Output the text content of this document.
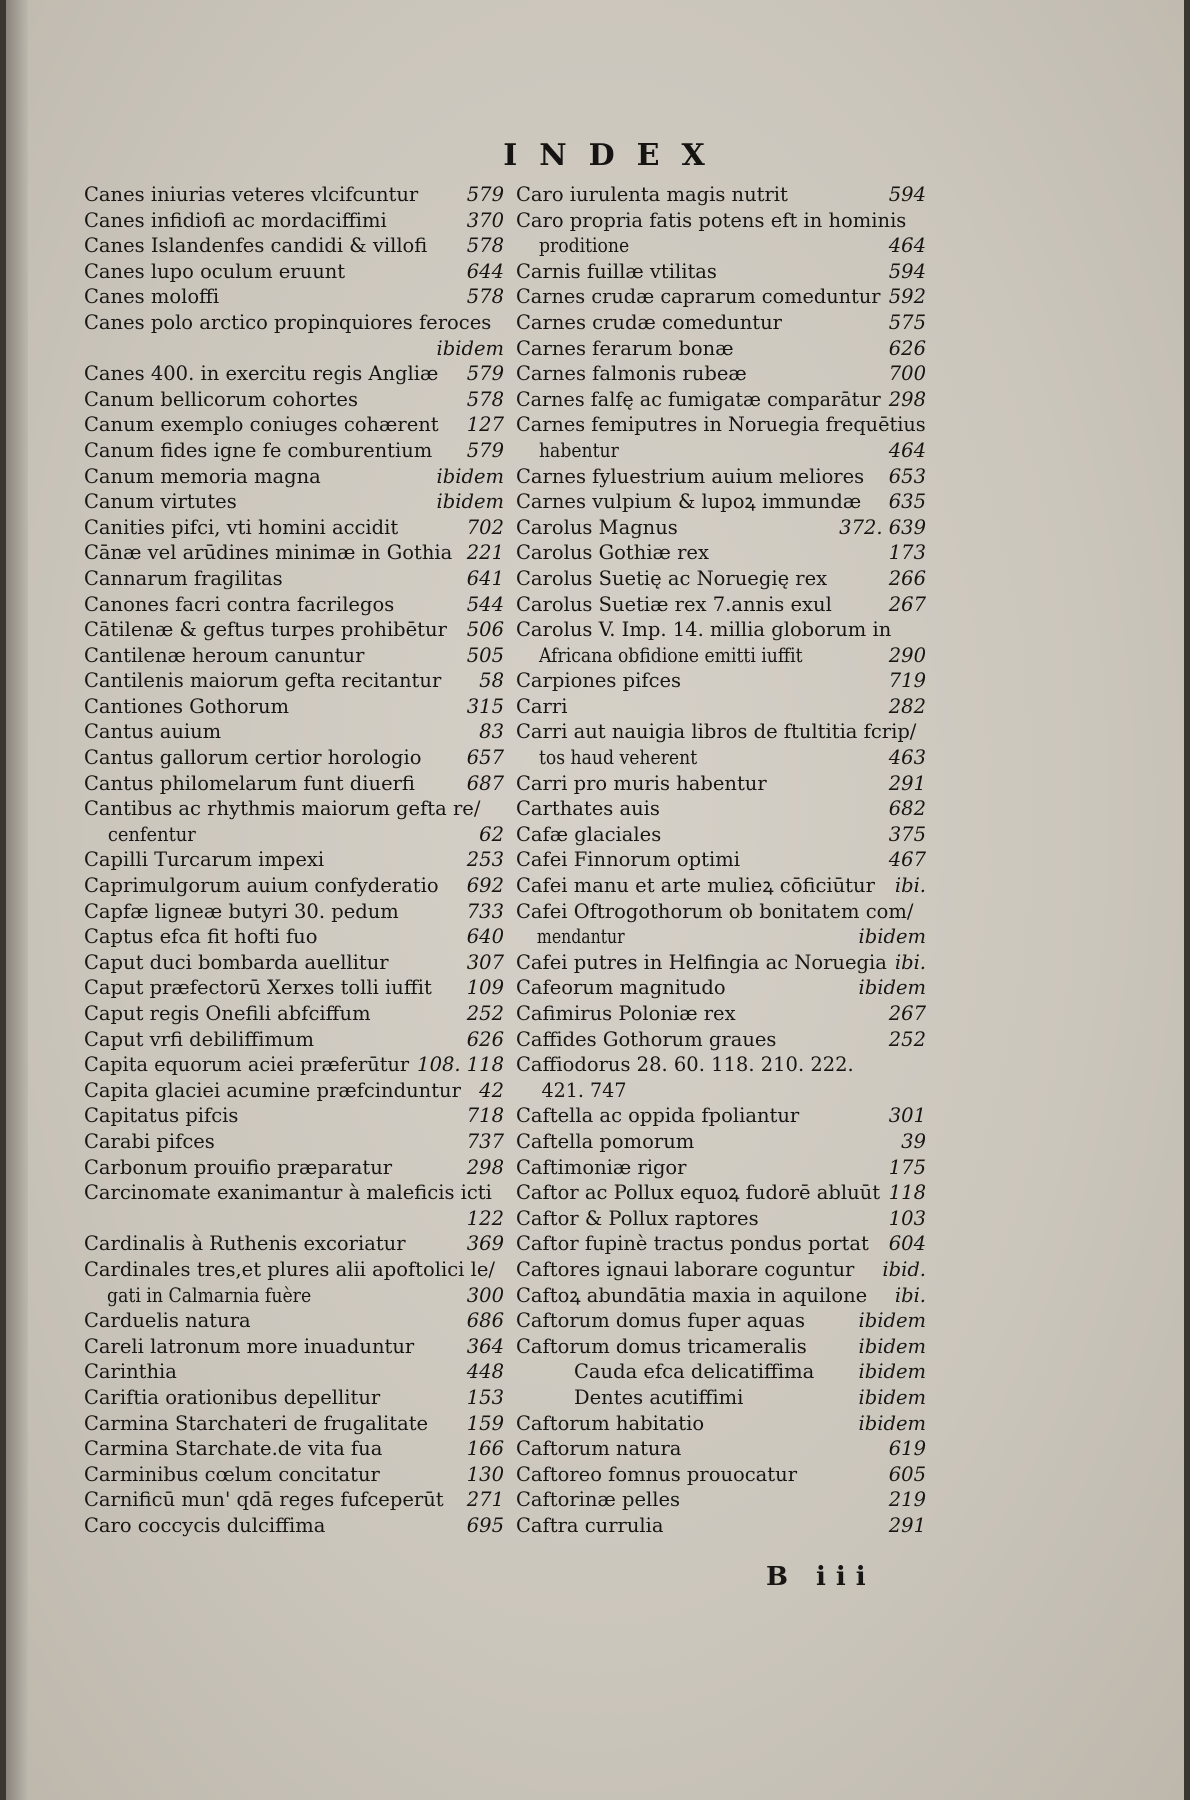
INDEX
Canes iniurias veteres vlcifcuntur 579
Canes infidiofi ac mordaciffimi	370
Canes Islandenfes candidi & villofi 578
Canes lupo oculum eruunt	644
Canes moloffi	578
Canes polo arctico propinquiores feroces

ibidem
Canes 400. in exercitu regis Angliæ 579
Canum bellicorum cohortes	578
Canum exemplo coniuges cohærent 127
Canum fides igne fe comburentium 579
Canum memoria magna	ibidem
Canum virtutes	ibidem
Canities pifci, vti homini accidit	702
Cānæ vel arūdines minimæ in Gothia 221
Cannarum fragilitas	641
Canones facri contra facrilegos	544
Cātilenæ & geftus turpes prohibētur 506
Cantilenæ heroum canuntur	505
Cantilenis maiorum gefta recitantur 58
Cantiones Gothorum	315
Cantus auium	83
Cantus gallorum certior horologio 657
Cantus philomelarum funt diuerfi	687
Cantibus ac rhythmis maiorum gefta re/
cenfentur	62
Capilli Turcarum impexi	253
Caprimulgorum auium confyderatio 692
Capfæ ligneæ butyri 30. pedum	733
Captus efca fit hofti fuo	640
Caput duci bombarda auellitur	307
Caput præfectorū Xerxes tolli iuffit 109
Caput regis Onefili abfciffum	252
Caput vrfi debiliffimum	626
Capita equorum aciei præferūtur 108. 118
Capita glaciei acumine præfcinduntur 42
Capitatus pifcis	718
Carabi pifces	737
Carbonum prouifio præparatur	298
Carcinomate exanimantur à maleficis icti

122
Cardinalis à Ruthenis excoriatur	369
Cardinales tres,et plures alii apoftolici le/
gati in Calmarnia fuère	300
Carduelis natura	686
Careli latronum more inuaduntur	364
Carinthia	448
Cariftia orationibus depellitur	153
Carmina Starchateri de frugalitate 159
Carmina Starchate.de vita fua	166
Carminibus cœlum concitatur	130
Carnificū mun' qdā reges fufceperūt 271
Caro coccycis dulciffima	695
Caro iurulenta magis nutrit	594
Caro propria fatis potens eft in hominis
proditione	464
Carnis fuillæ vtilitas	594
Carnes crudæ caprarum comeduntur 592
Carnes crudæ comeduntur	575
Carnes ferarum bonæ	626
Carnes falmonis rubeæ	700
Carnes falfę ac fumigatæ comparātur 298
Carnes femiputres in Noruegia frequētius
habentur	464
Carnes fyluestrium auium meliores 653
Carnes vulpium & lupoꝝ immundæ 635
Carolus Magnus	372. 639
Carolus Gothiæ rex	173
Carolus Suetię ac Noruegię rex	266
Carolus Suetiæ rex 7.annis exul	267
Carolus V. Imp. 14. millia globorum in
Africana obfidione emitti iuffit	290
Carpiones pifces	719
Carri	282
Carri aut nauigia libros de ftultitia fcrip/
tos haud veherent	463
Carri pro muris habentur	291
Carthates auis	682
Cafæ glaciales	375
Cafei Finnorum optimi	467
Cafei manu et arte mulieꝝ cōficiūtur ibi.
Cafei Oftrogothorum ob bonitatem com/
mendantur	ibidem
Cafei putres in Helfingia ac Noruegia ibi.
Cafeorum magnitudo	ibidem
Cafimirus Poloniæ rex	267
Caffides Gothorum graues	252
Caffiodorus 28. 60. 118. 210. 222.
421. 747
Caftella ac oppida fpoliantur	301
Caftella pomorum	39
Caftimoniæ rigor	175
Caftor ac Pollux equoꝝ fudorē abluūt 118
Caftor & Pollux raptores	103
Caftor fupinè tractus pondus portat 604
Caftores ignaui laborare coguntur ibid.
Caftoꝝ abundātia maxia in aquilone ibi.
Caftorum domus fuper aquas	ibidem
Caftorum domus tricameralis	ibidem
Cauda efca delicatiffima ibidem
Dentes acutiffimi	ibidem
Caftorum habitatio	ibidem
Caftorum natura	619
Caftoreo fomnus prouocatur	605
Caftorinæ pelles	219
Caftra currulia	291
B iii
